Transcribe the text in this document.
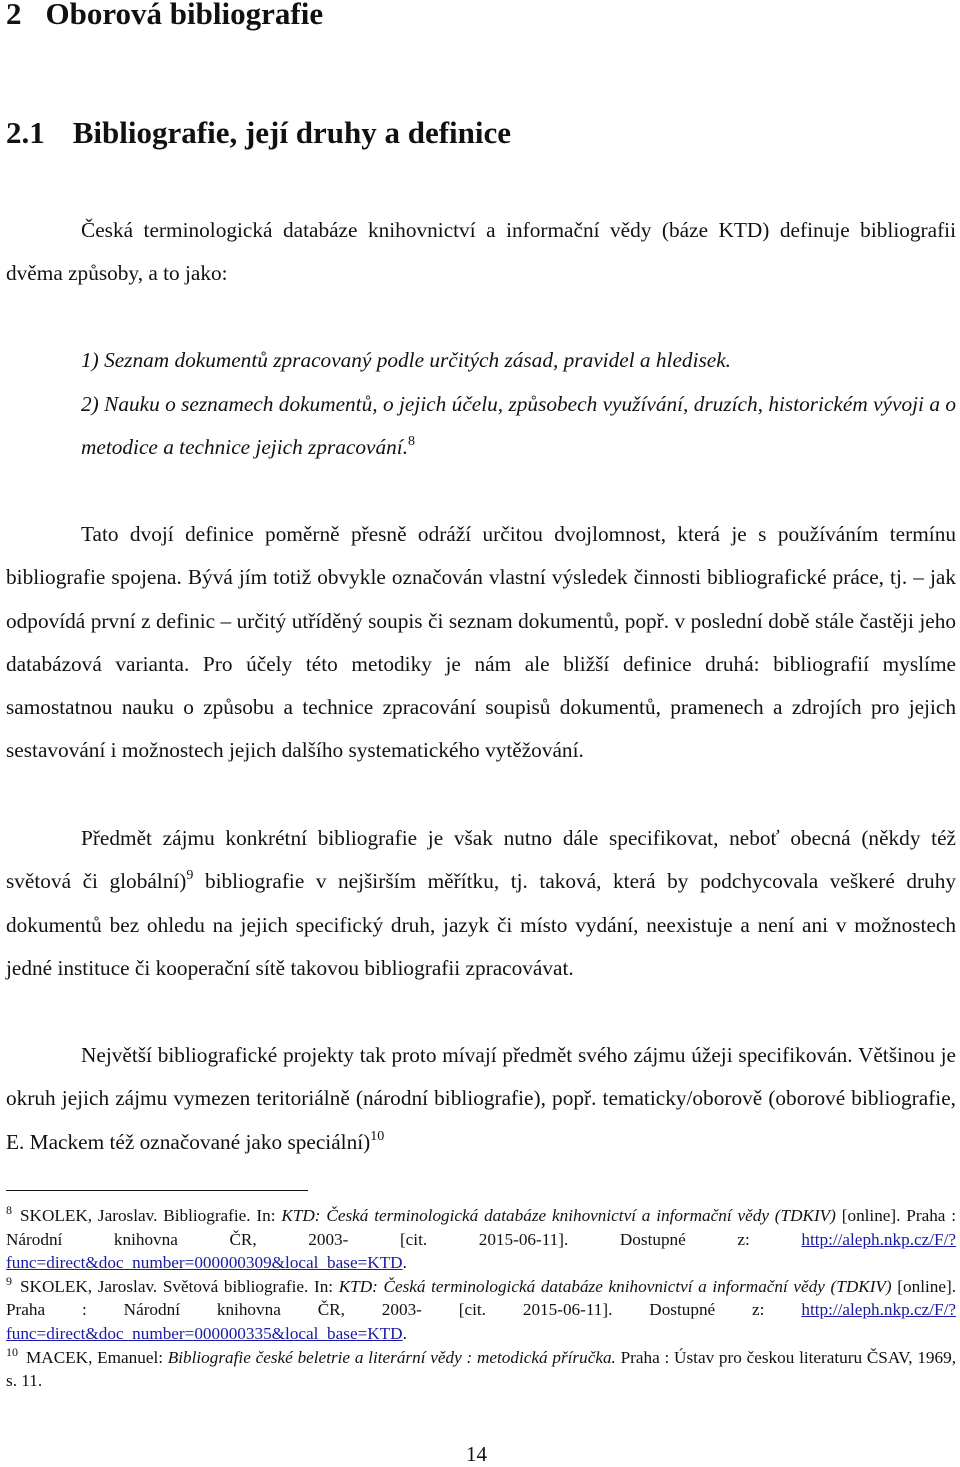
2 Oborová bibliografie
2.1 Bibliografie, její druhy a definice

Česká terminologická databáze knihovnictví a informační vědy (báze KTD) definuje bibliografii dvěma způsoby, a to jako:

1) Seznam dokumentů zpracovaný podle určitých zásad, pravidel a hledisek.

2) Nauku o seznamech dokumentů, o jejich účelu, způsobech využívání, druzích, historickém vývoji a o metodice a technice jejich zpracování.$^8$

Tato dvojí definice poměrně přesně odráží určitou dvojlomnost, která je s používáním termínu bibliografie spojena. Bývá jím totiž obvykle označován vlastní výsledek činnosti bibliografické práce, tj. – jak odpovídá první z definic – určitý utříděný soupis či seznam dokumentů, popř. v poslední době stále častěji jeho databázová varianta. Pro účely této metodiky je nám ale bližší definice druhá: bibliografií myslíme samostatnou nauku o způsobu a technice zpracování soupisů dokumentů, pramenech a zdrojích pro jejich sestavování i možnostech jejich dalšího systematického vytěžování.

Předmět zájmu konkrétní bibliografie je však nutno dále specifikovat, neboť obecná (někdy též světová či globální)$^9$ bibliografie v nejširším měřítku, tj. taková, která by podchycovala veškeré druhy dokumentů bez ohledu na jejich specifický druh, jazyk či místo vydání, neexistuje a není ani v možnostech jedné instituce či kooperační sítě takovou bibliografii zpracovávat.

Největší bibliografické projekty tak proto mívají předmět svého zájmu úžeji specifikován. Většinou je okruh jejich zájmu vymezen teritoriálně (národní bibliografie), popř. tematicky/oborově (oborové bibliografie, E. Mackem též označované jako speciální)$^{10}$

$^8$ SKOLEK, Jaroslav. Bibliografie. In: KTD: Česká terminologická databáze knihovnictví a informační vědy (TDKIV) [online]. Praha : Národní knihovna ČR, 2003- [cit. 2015-06-11]. Dostupné z:	http://aleph.nkp.cz/F/?func=direct&doc_number=000000309&local_base=KTD.

$^9$ SKOLEK, Jaroslav. Světová bibliografie. In: KTD: Česká terminologická databáze knihovnictví a informační vědy (TDKIV) [online]. Praha : Národní knihovna ČR, 2003- [cit. 2015-06-11]. Dostupné z: http://aleph.nkp.cz/F/?func=direct&doc_number=000000335&local_base=KTD.

$^{10}$ MACEK, Emanuel: Bibliografie české beletrie a literární vědy : metodická příručka. Praha : Ústav pro českou literaturu ČSAV, 1969, s. 11.

14
